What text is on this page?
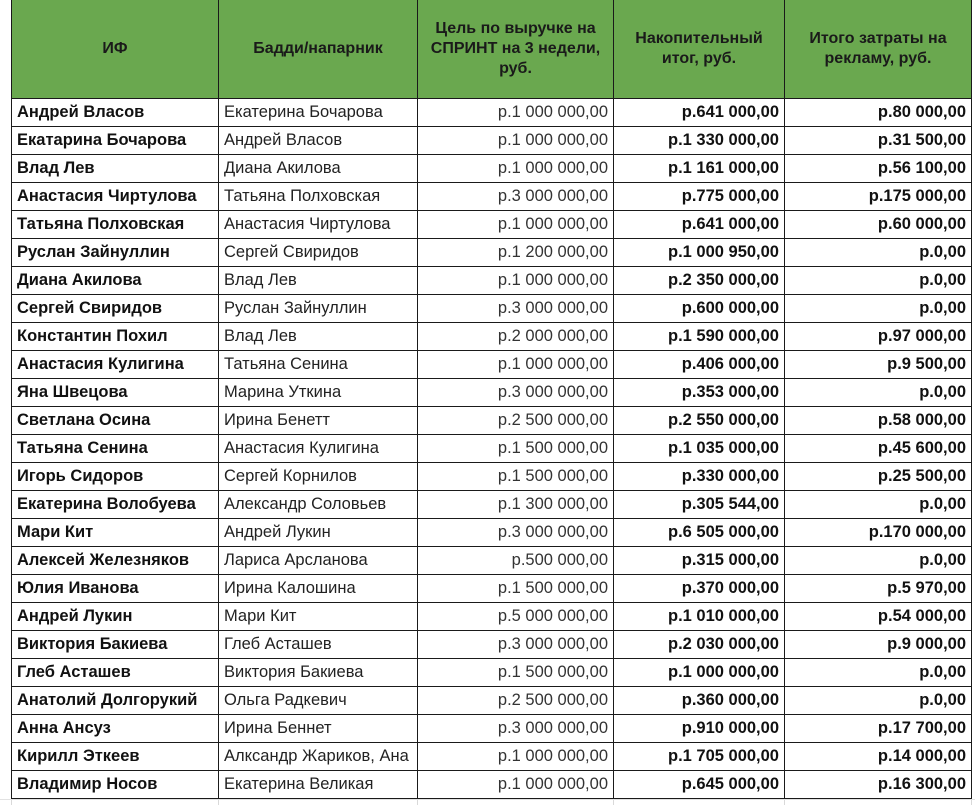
ИФ	Бадди/напарник	Цель по выручке на СПРИНТ на 3 недели, руб.	Накопительный итог, руб.	Итого затраты на рекламу, руб.
Андрей Власов	Екатерина Бочарова	р.1 000 000,00	р.641 000,00	р.80 000,00
Екатарина Бочарова	Андрей Власов	р.1 000 000,00	р.1 330 000,00	р.31 500,00
Влад Лев	Диана Акилова	р.1 000 000,00	р.1 161 000,00	р.56 100,00
Анастасия Чиртулова	Татьяна Полховская	р.3 000 000,00	р.775 000,00	р.175 000,00
Татьяна Полховская	Анастасия Чиртулова	р.1 000 000,00	р.641 000,00	р.60 000,00
Руслан Зайнуллин	Сергей Свиридов	р.1 200 000,00	р.1 000 950,00	р.0,00
Диана Акилова	Влад Лев	р.1 000 000,00	р.2 350 000,00	р.0,00
Сергей Свиридов	Руслан Зайнуллин	р.3 000 000,00	р.600 000,00	р.0,00
Константин Похил	Влад Лев	р.2 000 000,00	р.1 590 000,00	р.97 000,00
Анастасия Кулигина	Татьяна Сенина	р.1 000 000,00	р.406 000,00	р.9 500,00
Яна Швецова	Марина Уткина	р.3 000 000,00	р.353 000,00	р.0,00
Светлана Осина	Ирина Бенетт	р.2 500 000,00	р.2 550 000,00	р.58 000,00
Татьяна Сенина	Анастасия Кулигина	р.1 500 000,00	р.1 035 000,00	р.45 600,00
Игорь Сидоров	Сергей Корнилов	р.1 500 000,00	р.330 000,00	р.25 500,00
Екатерина Волобуева	Александр Соловьев	р.1 300 000,00	р.305 544,00	р.0,00
Мари Кит	Андрей Лукин	р.3 000 000,00	р.6 505 000,00	р.170 000,00
Алексей Железняков	Лариса Арсланова	р.500 000,00	р.315 000,00	р.0,00
Юлия Иванова	Ирина Калошина	р.1 500 000,00	р.370 000,00	р.5 970,00
Андрей Лукин	Мари Кит	р.5 000 000,00	р.1 010 000,00	р.54 000,00
Виктория Бакиева	Глеб Асташев	р.3 000 000,00	р.2 030 000,00	р.9 000,00
Глеб Асташев	Виктория Бакиева	р.1 500 000,00	р.1 000 000,00	р.0,00
Анатолий Долгорукий	Ольга Радкевич	р.2 500 000,00	р.360 000,00	р.0,00
Анна Ансуз	Ирина Беннет	р.3 000 000,00	р.910 000,00	р.17 700,00
Кирилл Эткеев	Алксандр Жариков, Ана	р.1 000 000,00	р.1 705 000,00	р.14 000,00
Владимир Носов	Екатерина Великая	р.1 000 000,00	р.645 000,00	р.16 300,00
